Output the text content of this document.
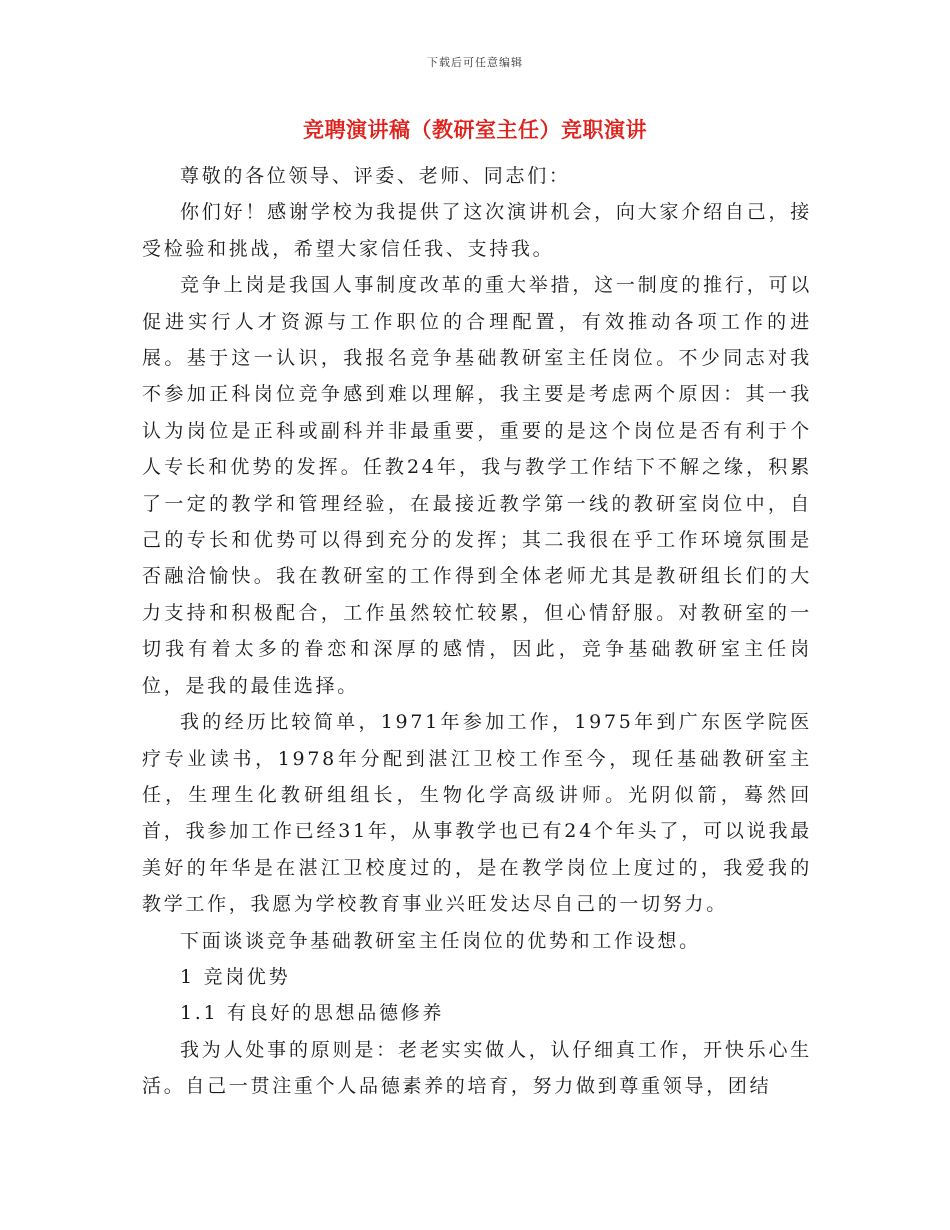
下载后可任意编辑
竞聘演讲稿（教研室主任）竞职演讲

尊敬的各位领导、评委、老师、同志们：

你们好！感谢学校为我提供了这次演讲机会，向大家介绍自己，接受检验和挑战，希望大家信任我、支持我。

竞争上岗是我国人事制度改革的重大举措，这一制度的推行，可以促进实行人才资源与工作职位的合理配置，有效推动各项工作的进展。基于这一认识，我报名竞争基础教研室主任岗位。不少同志对我不参加正科岗位竞争感到难以理解，我主要是考虑两个原因：其一我认为岗位是正科或副科并非最重要，重要的是这个岗位是否有利于个人专长和优势的发挥。任教24年，我与教学工作结下不解之缘，积累了一定的教学和管理经验，在最接近教学第一线的教研室岗位中，自己的专长和优势可以得到充分的发挥；其二我很在乎工作环境氛围是否融洽愉快。我在教研室的工作得到全体老师尤其是教研组长们的大力支持和积极配合，工作虽然较忙较累，但心情舒服。对教研室的一切我有着太多的眷恋和深厚的感情，因此，竞争基础教研室主任岗位，是我的最佳选择。

我的经历比较简单，1971年参加工作，1975年到广东医学院医疗专业读书，1978年分配到湛江卫校工作至今，现任基础教研室主任，生理生化教研组组长，生物化学高级讲师。光阴似箭，蓦然回首，我参加工作已经31年，从事教学也已有24个年头了，可以说我最美好的年华是在湛江卫校度过的，是在教学岗位上度过的，我爱我的教学工作，我愿为学校教育事业兴旺发达尽自己的一切努力。

下面谈谈竞争基础教研室主任岗位的优势和工作设想。

1 竞岗优势

1.1 有良好的思想品德修养

我为人处事的原则是：老老实实做人，认仔细真工作，开快乐心生活。自己一贯注重个人品德素养的培育，努力做到尊重领导，团结
